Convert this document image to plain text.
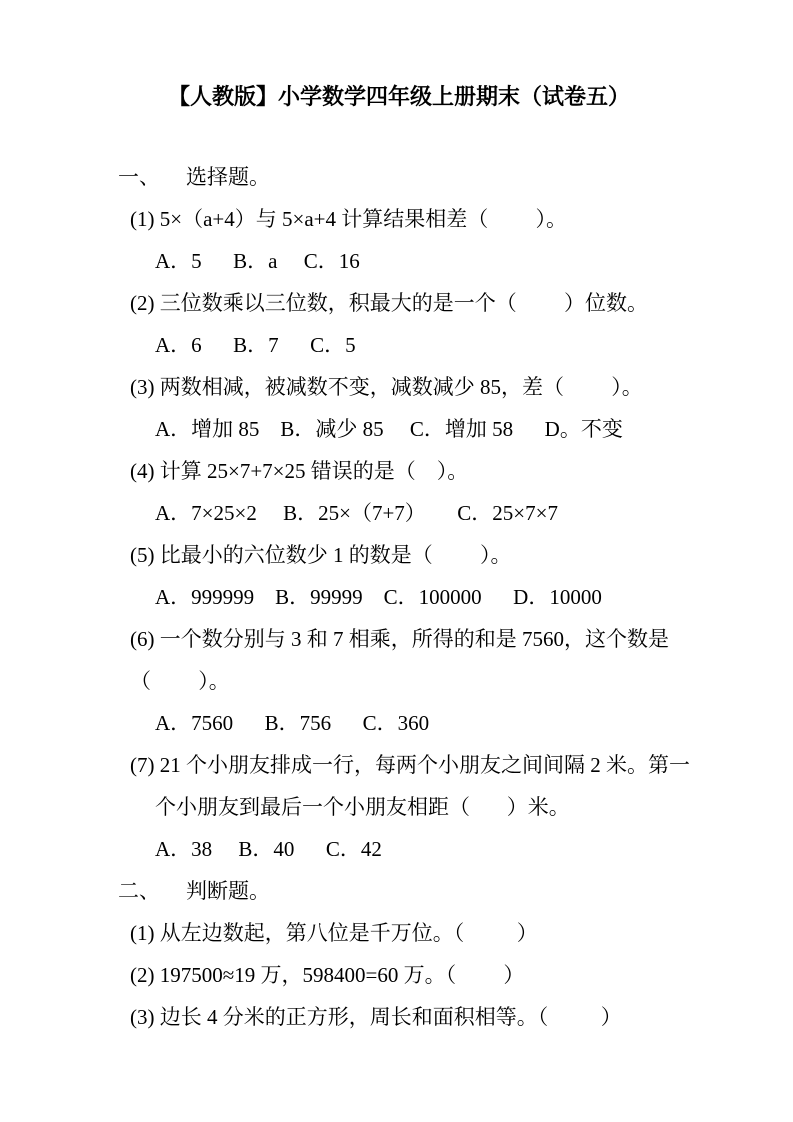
【人教版】小学数学四年级上册期末（试卷五）
一、 选择题。
(1) 5×（a+4）与 5×a+4 计算结果相差（         ）。
A．5      B．a     C．16
(2) 三位数乘以三位数，积最大的是一个（         ）位数。
A．6      B．7      C．5
(3) 两数相减，被减数不变，减数减少 85，差（         ）。
A．增加 85    B．减少 85     C．增加 58      D。不变
(4) 计算 25×7+7×25 错误的是（    ）。
A．7×25×2     B．25×（7+7）      C．25×7×7
(5) 比最小的六位数少 1 的数是（         ）。
A．999999    B．99999    C．100000      D．10000
(6) 一个数分别与 3 和 7 相乘，所得的和是 7560，这个数是
（         ）。
A．7560      B．756      C．360
(7) 21 个小朋友排成一行，每两个小朋友之间间隔 2 米。第一
个小朋友到最后一个小朋友相距（       ）米。
A．38     B．40      C．42
二、 判断题。
(1) 从左边数起，第八位是千万位。（          ）
(2) 197500≈19 万，598400=60 万。（         ）
(3) 边长 4 分米的正方形，周长和面积相等。（          ）
